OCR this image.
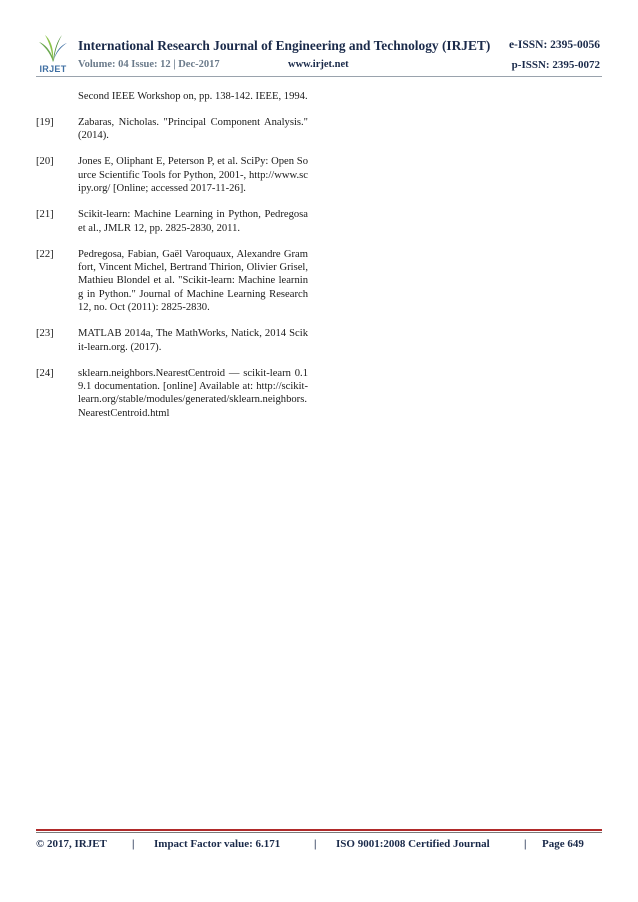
IRJET
International Research Journal of Engineering and Technology (IRJET) e-ISSN: 2395-0056
Volume: 04 Issue: 12 | Dec-2017	www.irjet.net	p-ISSN: 2395-0072
Second IEEE Workshop on, pp. 138-142. IEEE, 1994.
[19] Zabaras, Nicholas. "Principal Component Analysis."(2014).
[20] Jones E, Oliphant E, Peterson P, et al. SciPy: Open Source Scientific Tools for Python, 2001-, http://www.scipy.org/ [Online; accessed 2017-11-26].
[21] Scikit-learn: Machine Learning in Python, Pedregosa et al., JMLR 12, pp. 2825-2830, 2011.
[22] Pedregosa, Fabian, Gaël Varoquaux, Alexandre Gramfort, Vincent Michel, Bertrand Thirion, Olivier Grisel, Mathieu Blondel et al. "Scikit-learn: Machine learning in Python." Journal of Machine Learning Research 12, no. Oct (2011): 2825-2830.
[23] MATLAB 2014a, The MathWorks, Natick, 2014 Scikit-learn.org. (2017).
[24] sklearn.neighbors.NearestCentroid — scikit-learn 0.19.1 documentation. [online] Available at: http://scikit-learn.org/stable/modules/generated/sklearn.neighbors.NearestCentroid.html
© 2017, IRJET | Impact Factor value: 6.171	| ISO 9001:2008 Certified Journal	| Page 649
